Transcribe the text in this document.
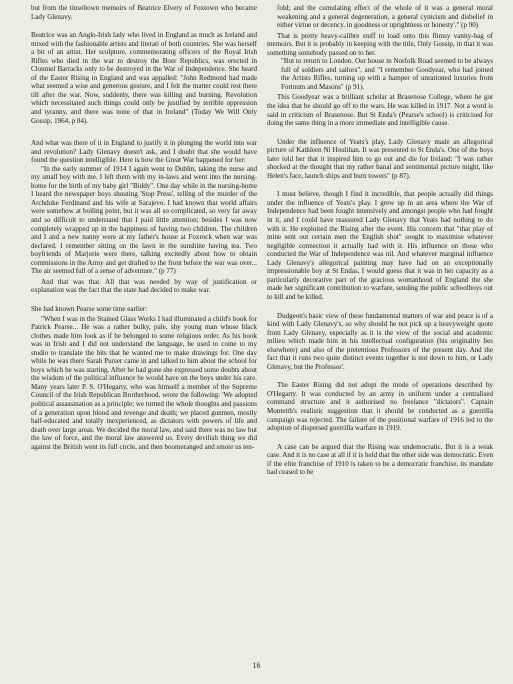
but from the tinseltown memoirs of Beatrice Elvery of Foxtown who became Lady Glenavy.

Beatrice was an Anglo-Irish lady who lived in England as much as Ireland and mixed with the fashionable artists and literati of both countries. She was herself a bit of an artist. Her sculpture, commemorating officers of the Royal Irish Rifles who died in the war to destroy the Boer Republics, was erected in Clonmel Barracks only to be destroyed in the War of Independence. She heard of the Easter Rising in England and was appalled: "John Redmond had made what seemed a wise and generous gesture, and I felt the matter could rest there till after the war. Now, suddenly, there was killing and burning. Revolution which necessitated such things could only be justified by terrible oppression and tyranny, and there was none of that in Ireland" (Today We Will Only Gossip, 1964, p 84).

And what was there of it in England to justify it in plunging the world into war and revolution? Lady Glenavy doesn't ask, and I doubt that she would have found the question intelligible. Here is how the Great War happened for her:

"In the early summer of 1914 I again went to Dublin, taking the nurse and my small boy with me. I left them with my in-laws and went into the nursing-home for the birth of my baby girl "Biddy". One day while in the nursing-home I heard the newspaper boys shouting 'Stop Press', telling of the murder of the Archduke Ferdinand and his wife at Sarajevo. I had known that world affairs were somehow at boiling point, but it was all so complicated, so very far away and so difficult to understand that I paid little attention; besides I was now completely wrapped up in the happiness of having two children. The children and I and a new nanny were at my father's house at Foxrock when war was declared. I remember sitting on the lawn in the sunshine having tea. Two boyfriends of Marjorie were there, talking excitedly about how to obtain commissions in the Army and get drafted to the front before the war was over... The air seemed full of a sense of adventure." (p 77)

And that was that. All that was needed by way of justification or explanation was the fact that the state had decided to make war.

She had known Pearse some time earlier:

"When I was in the Stained Glass Works I had illuminated a child's book for Patrick Pearse... He was a rather bulky, pale, shy young man whose black clothes made him look as if he belonged to some religious order. As his book was in Irish and I did not understand the language, he used to come to my studio to translate the bits that he wanted me to make drawings for. One day while he was there Sarah Purser came in and talked to him about the school for boys which he was starting. After he had gone she expressed some doubts about the wisdom of the political influence he would have on the boys under his care. Many years later P. S. O'Hegarty, who was himself a member of the Supreme Council of the Irish Republican Brotherhood, wrote the following: 'We adopted political assassination as a principle; we turned the whole thoughts and passions of a generation upon blood and revenge and death; we placed gunmen, mostly half-educated and totally inexperienced, as dictators with powers of life and death over large areas. We decided the moral law, and said there was no law but the law of force, and the moral law answered us. Every devilish thing we did against the British went its full circle, and then boomeranged and smote us ten-
fold; and the cumulating effect of the whole of it was a general moral weakening and a general degeneration, a general cynicism and disbelief in either virtue or decency, in goodness or uprightness or honesty'." (p 90)

That is pretty heavy-calibre stuff to load onto this flimsy vanity-bag of memoirs. But it is probably in keeping with the title, Only Gossip, in that it was something somebody passed on to her.

"But to return to London. Our house in Norfolk Road seemed to be always full of soldiers and sailors", and "I remember Goodyear, who had joined the Artists Rifles, turning up with a hamper of unrationed luxuries from Fortnum and Masons" (p 91).

This Goodyear was a brilliant scholar at Brasenose College, where he got the idea that he should go off to the wars. He was killed in 1917. Not a word is said in criticism of Brasenose. But St Enda's (Pearse's school) is criticised for doing the same thing in a more immediate and intelligible cause.

Under the influence of Yeats's play, Lady Glenavy made an allegorical picture of Kathleen Ni Houlihan. It was presented to St Enda's. One of the boys later told her that it inspired him to go out and die for Ireland: "I was rather shocked at the thought that my rather banal and sentimental picture might, like Helen's face, launch ships and burn towers" (p 87).

I must believe, though I find it incredible, that people actually did things under the influence of Yeats's play. I grew up in an area where the War of Independence had been fought intensively and amongst people who had fought in it, and I could have reassured Lady Glenavy that Yeats had nothing to do with it. He exploited the Rising after the event. His concern that "that play of mine sent out certain men the English shot" sought to maximise whatever negligible connection it actually had with it. His influence on those who conducted the War of Independence was nil. And whatever marginal influence Lady Glenavy's allegorical painting may have had on an exceptionally impressionable boy at St Endas, I would guess that it was in her capacity as a particularly decorative part of the gracious womanhood of England the she made her significant contribution to warfare, sending the public schoolboys out to kill and be killed.

Dudgeon's basic view of these fundamental matters of war and peace is of a kind with Lady Glenavy's, so why should he not pick up a heavyweight quote from Lady Glenavy, especially as it is the view of the social and academic milieu which made him in his intellectual configuration (his originality lies elsewhere) and also of the pretentious Professors of the present day. And the fact that it runs two quite distinct events together is not down to him, or Lady Glenavy, but the Professor'.

The Easter Rising did not adopt the mode of operations described by O'Hegarty. It was conducted by an army in uniform under a centralised command structure and it authorised no freelance "dictators". Captain Monteith's realistic suggestion that it should be conducted as a guerrilla campaign was rejected. The failure of the positional warfare of 1916 led to the adoption of dispersed guerrilla warfare in 1919.

A case can be argued that the Rising was undemocratic. But it is a weak case. And it is no case at all if it is held that the other side was democratic. Even if the elite franchise of 1910 is taken to be a democratic franchise, its mandate had ceased to be

16
